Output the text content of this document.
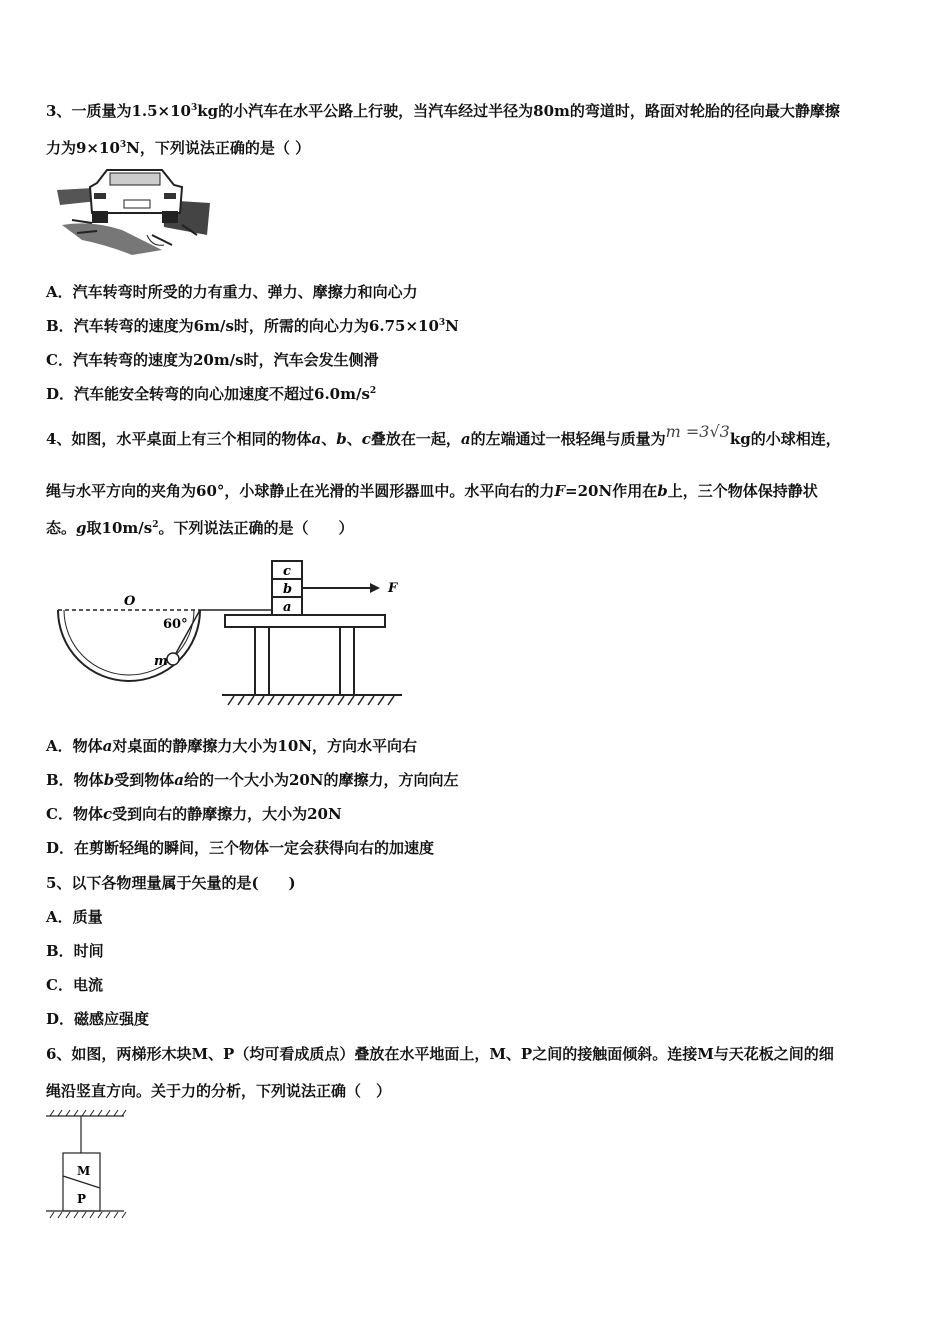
3、一质量为$1.5\times 10^3kg$的小汽车在水平公路上行驶，当汽车经过半径为80m的弯道时，路面对轮胎的径向最大静摩擦
力为$9\times 10^3N$，下列说法正确的是（ ）
A．汽车转弯时所受的力有重力、弹力、摩擦力和向心力
B．汽车转弯的速度为6m/s时，所需的向心力为$6.75\times 10^3N$
C．汽车转弯的速度为20m/s时，汽车会发生侧滑
D．汽车能安全转弯的向心加速度不超过$6.0m/s^2$
4、如图，水平桌面上有三个相同的物体a、b、c叠放在一起，a的左端通过一根轻绳与质量为m =3√3kg的小球相连，
绳与水平方向的夹角为60°，小球静止在光滑的半圆形器皿中。水平向右的力F=20N作用在b上，三个物体保持静状
态。g取$10m/s^2$。下列说法正确的是（　　）
O
60°
m
a
b
c
F
A．物体a对桌面的静摩擦力大小为10N，方向水平向右
B．物体b受到物体a给的一个大小为20N的摩擦力，方向向左
C．物体c受到向右的静摩擦力，大小为20N
D．在剪断轻绳的瞬间，三个物体一定会获得向右的加速度
5、以下各物理量属于矢量的是(　　)
A．质量
B．时间
C．电流
D．磁感应强度
6、如图，两梯形木块M、P（均可看成质点）叠放在水平地面上，M、P之间的接触面倾斜。连接M与天花板之间的细
绳沿竖直方向。关于力的分析，下列说法正确（　）
M
P
